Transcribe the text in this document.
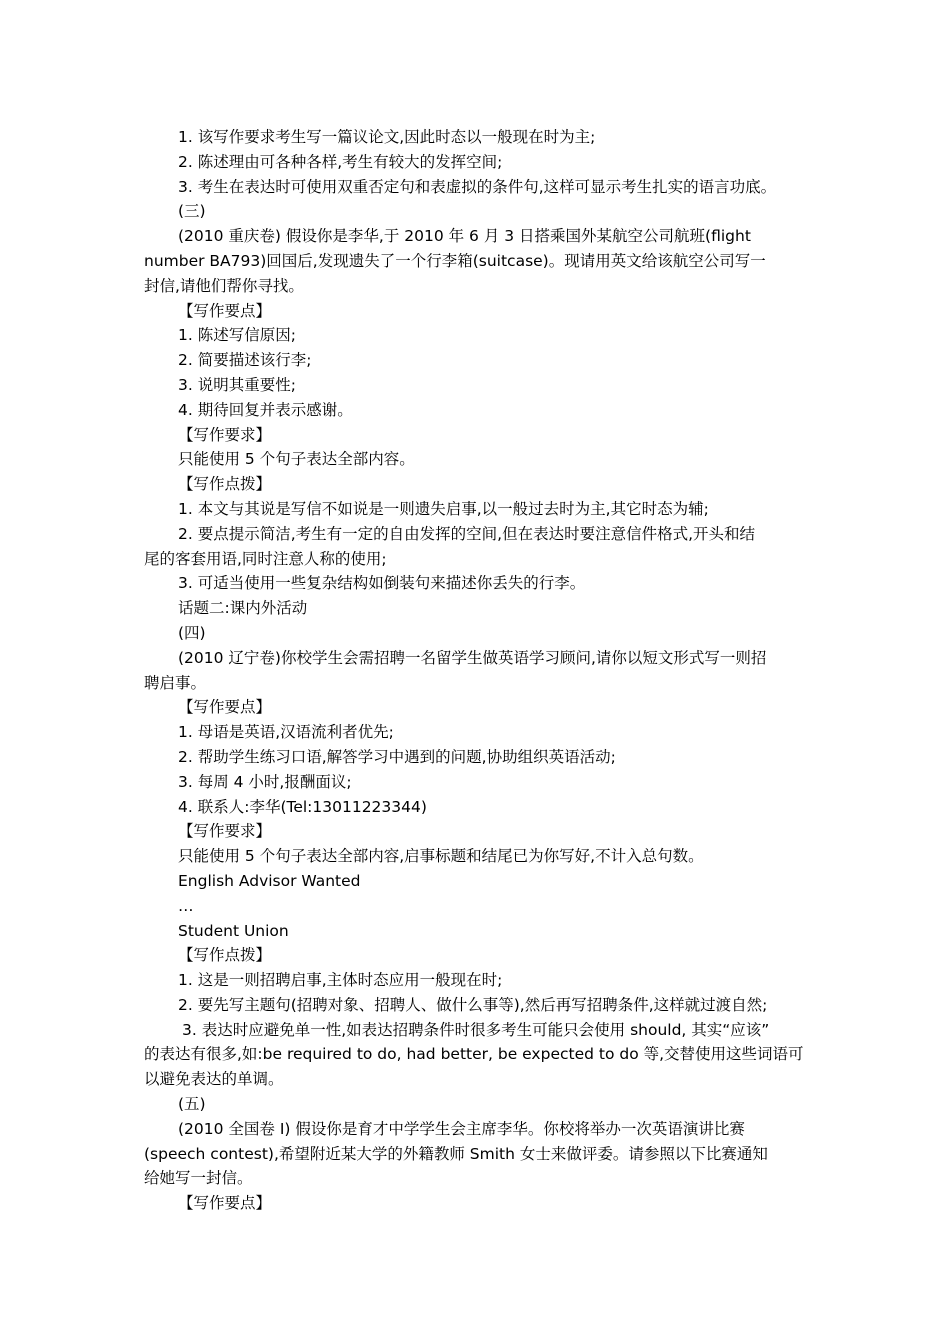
1. 该写作要求考生写一篇议论文,因此时态以一般现在时为主;
2. 陈述理由可各种各样,考生有较大的发挥空间;
3. 考生在表达时可使用双重否定句和表虚拟的条件句,这样可显示考生扎实的语言功底。
(三)
(2010 重庆卷) 假设你是李华,于 2010 年 6 月 3 日搭乘国外某航空公司航班(flight
number BA793)回国后,发现遗失了一个行李箱(suitcase)。现请用英文给该航空公司写一
封信,请他们帮你寻找。
【写作要点】
1. 陈述写信原因;
2. 简要描述该行李;
3. 说明其重要性;
4. 期待回复并表示感谢。
【写作要求】
只能使用 5 个句子表达全部内容。
【写作点拨】
1. 本文与其说是写信不如说是一则遗失启事,以一般过去时为主,其它时态为辅;
2. 要点提示简洁,考生有一定的自由发挥的空间,但在表达时要注意信件格式,开头和结
尾的客套用语,同时注意人称的使用;
3. 可适当使用一些复杂结构如倒装句来描述你丢失的行李。
话题二:课内外活动
(四)
(2010 辽宁卷)你校学生会需招聘一名留学生做英语学习顾问,请你以短文形式写一则招
聘启事。
【写作要点】
1. 母语是英语,汉语流利者优先;
2. 帮助学生练习口语,解答学习中遇到的问题,协助组织英语活动;
3. 每周 4 小时,报酬面议;
4. 联系人:李华(Tel:13011223344)
【写作要求】
只能使用 5 个句子表达全部内容,启事标题和结尾已为你写好,不计入总句数。
English Advisor Wanted
…
Student Union
【写作点拨】
1. 这是一则招聘启事,主体时态应用一般现在时;
2. 要先写主题句(招聘对象、招聘人、做什么事等),然后再写招聘条件,这样就过渡自然;
3. 表达时应避免单一性,如表达招聘条件时很多考生可能只会使用 should, 其实“应该”
的表达有很多,如:be required to do, had better, be expected to do 等,交替使用这些词语可
以避免表达的单调。
(五)
(2010 全国卷 I) 假设你是育才中学学生会主席李华。你校将举办一次英语演讲比赛
(speech contest),希望附近某大学的外籍教师 Smith 女士来做评委。请参照以下比赛通知
给她写一封信。
【写作要点】
